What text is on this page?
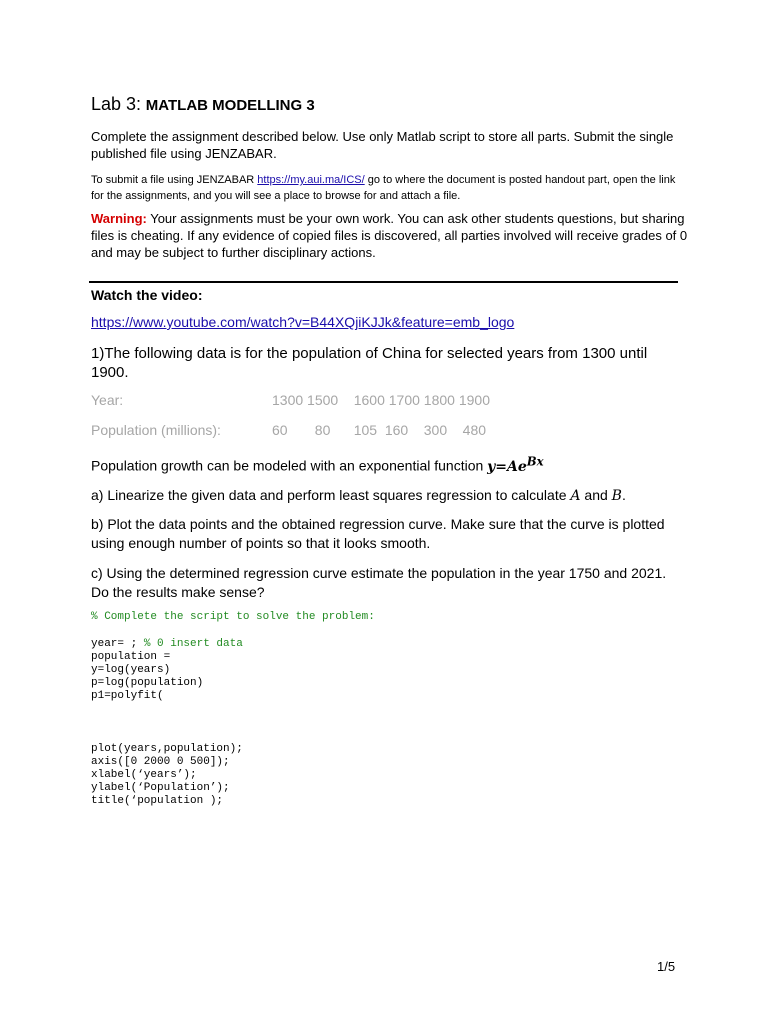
Lab 3: MATLAB MODELLING 3
Complete the assignment described below. Use only Matlab script to store all parts. Submit the single published file using JENZABAR.
To submit a file using JENZABAR https://my.aui.ma/ICS/ go to where the document is posted handout part, open the link for the assignments, and you will see a place to browse for and attach a file.
Warning: Your assignments must be your own work. You can ask other students questions, but sharing files is cheating. If any evidence of copied files is discovered, all parties involved will receive grades of 0 and may be subject to further disciplinary actions.
Watch the video:
https://www.youtube.com/watch?v=B44XQjiKJJk&feature=emb_logo
1)The following data is for the population of China for selected years from 1300 until 1900.
Year:	1300 1500    1600 1700 1800 1900
Population (millions):	60       80      105  160    300    480
Population growth can be modeled with an exponential function $y=Ae^{Bx}$
a) Linearize the given data and perform least squares regression to calculate A and B.
b) Plot the data points and the obtained regression curve. Make sure that the curve is plotted using enough number of points so that it looks smooth.
c) Using the determined regression curve estimate the population in the year 1750 and 2021. Do the results make sense?
% Complete the script to solve the problem:
year= ; % 0 insert data
population =
y=log(years)
p=log(population)
p1=polyfit(
plot(years,population);
axis([0 2000 0 500]);
xlabel(‘years’);
ylabel(‘Population’);
title(‘population );
1/5
